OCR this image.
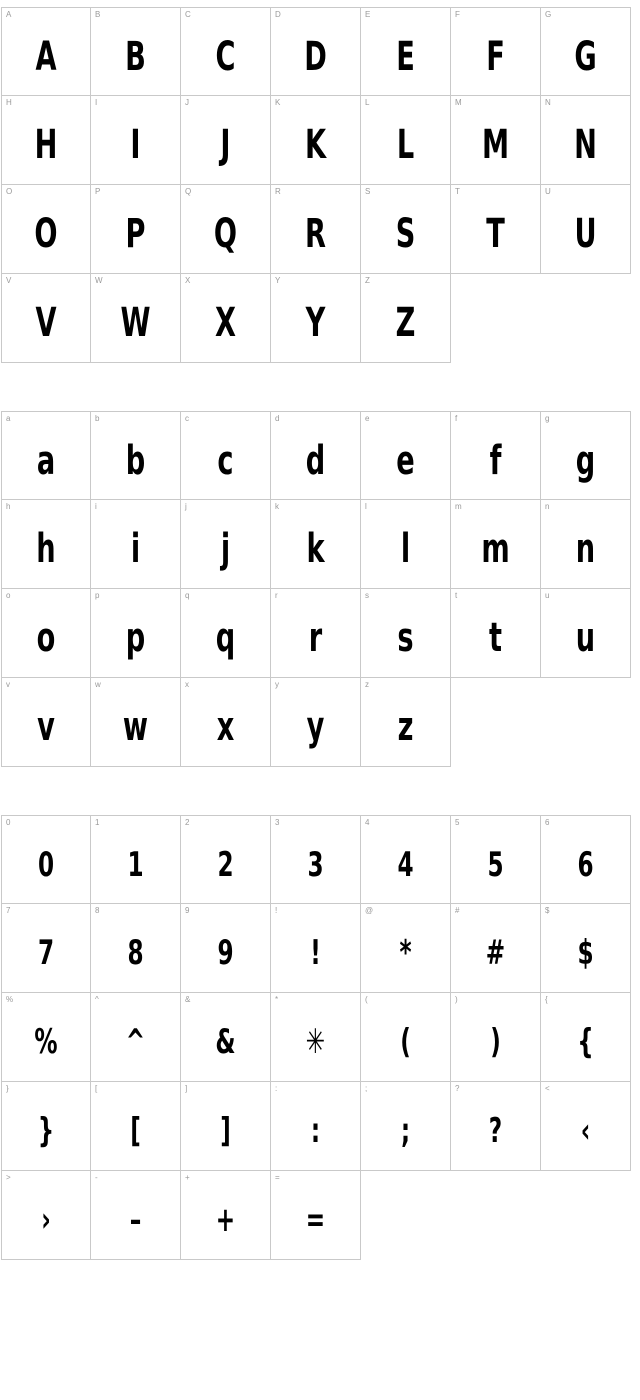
A
A
B
B
C
C
D
D
E
E
F
F
G
G
H
H
I
I
J
J
K
K
L
L
M
M
N
N
O
O
P
P
Q
Q
R
R
S
S
T
T
U
U
V
V
W
W
X
X
Y
Y
Z
Z
a
a
b
b
c
c
d
d
e
e
f
f
g
g
h
h
i
i
j
j
k
k
l
l
m
m
n
n
o
o
p
p
q
q
r
r
s
s
t
t
u
u
v
v
w
w
x
x
y
y
z
z
0
0
1
1
2
2
3
3
4
4
5
5
6
6
7
7
8
8
9
9
!
!
@
*
#
#
$
$
%
%
^
^
&
&
*
✳
(
(
)
)
{
{
}
}
[
[
]
]
:
:
;
;
?
?
<
‹
>
›
-
–
+
+
=
=
